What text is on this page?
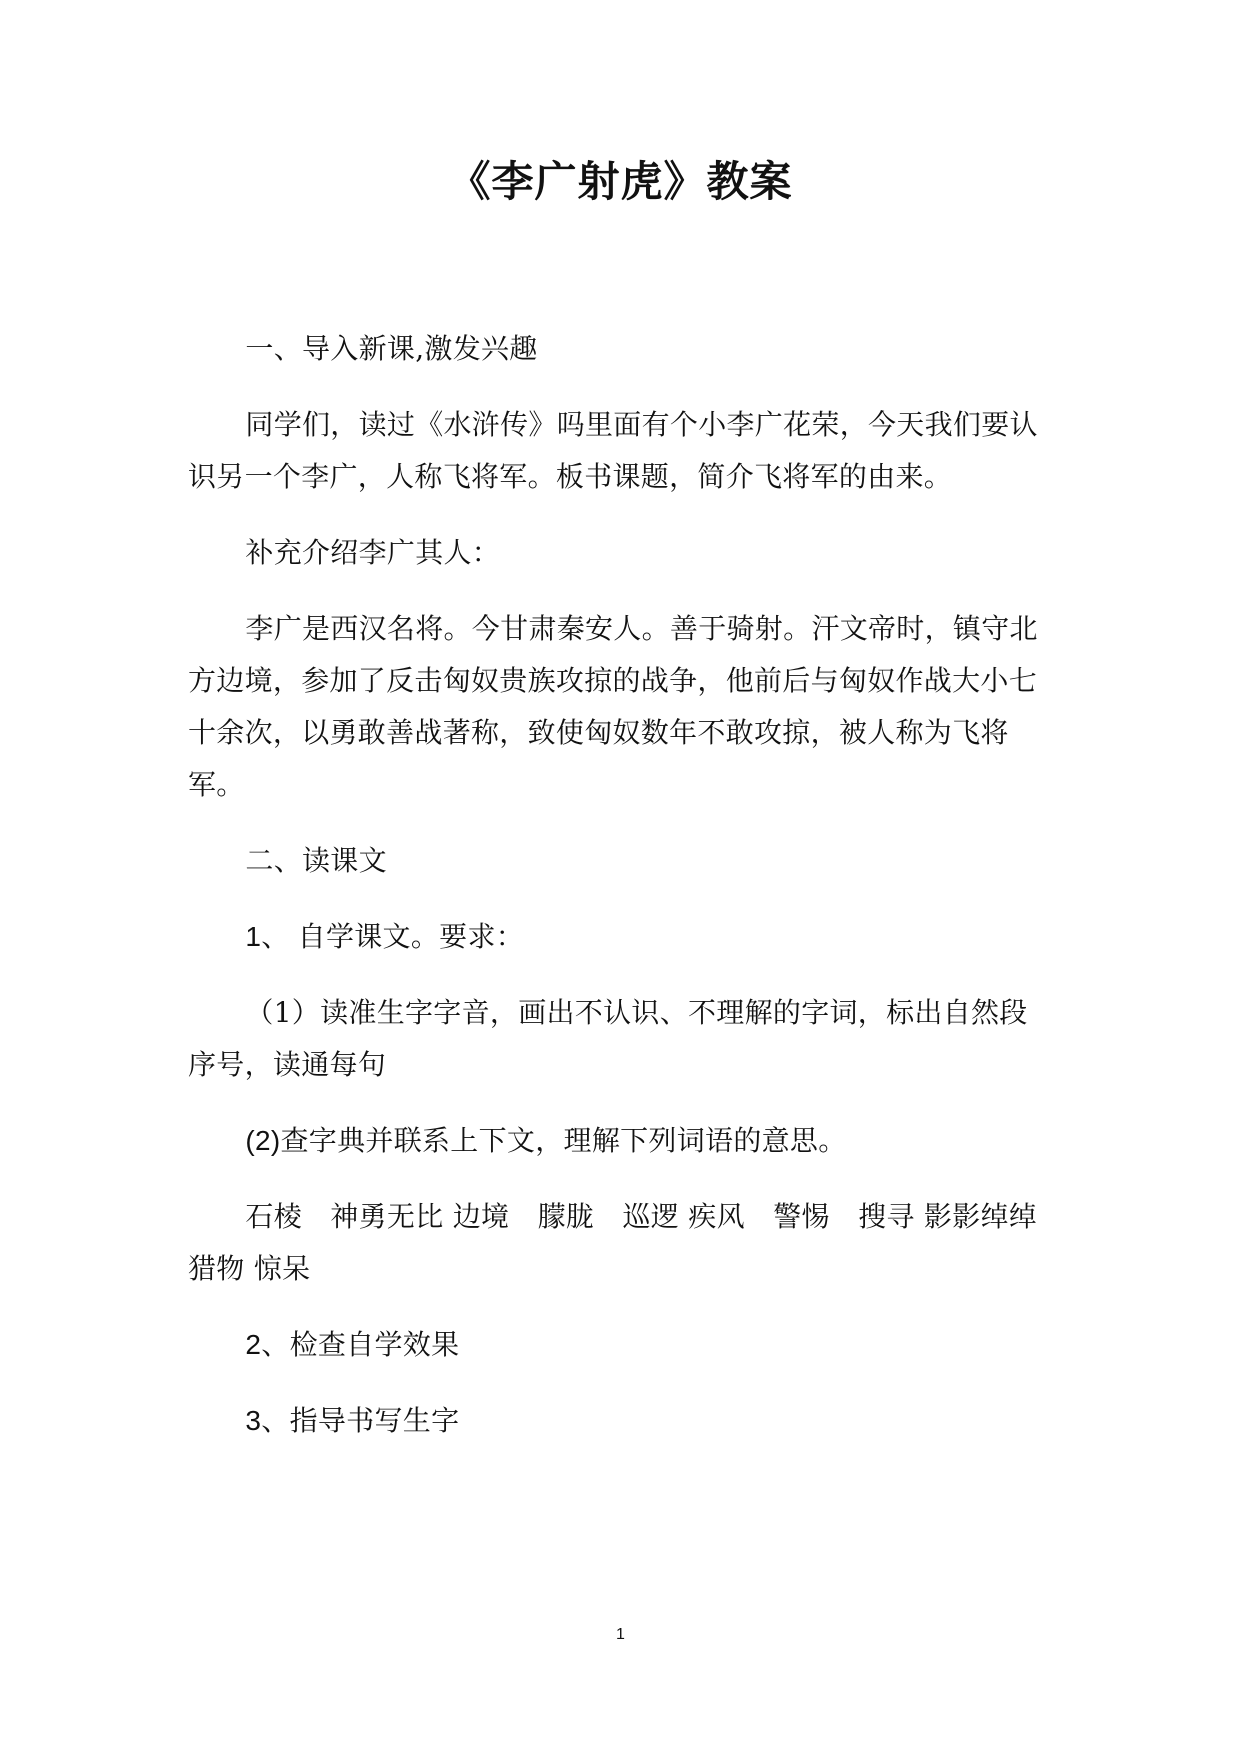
《李广射虎》教案

一、导入新课,激发兴趣

同学们，读过《水浒传》吗里面有个小李广花荣，今天我们要认识另一个李广，人称飞将军。板书课题，简介飞将军的由来。

补充介绍李广其人：

李广是西汉名将。今甘肃秦安人。善于骑射。汗文帝时，镇守北方边境，参加了反击匈奴贵族攻掠的战争，他前后与匈奴作战大小七十余次，以勇敢善战著称，致使匈奴数年不敢攻掠，被人称为飞将军。

二、读课文

1、 自学课文。要求：

（1）读准生字字音，画出不认识、不理解的字词，标出自然段序号，读通每句

(2)查字典并联系上下文，理解下列词语的意思。

石棱　神勇无比 边境　朦胧　巡逻 疾风　警惕　搜寻 影影绰绰 猎物 惊呆

2、检查自学效果

3、指导书写生字

1
